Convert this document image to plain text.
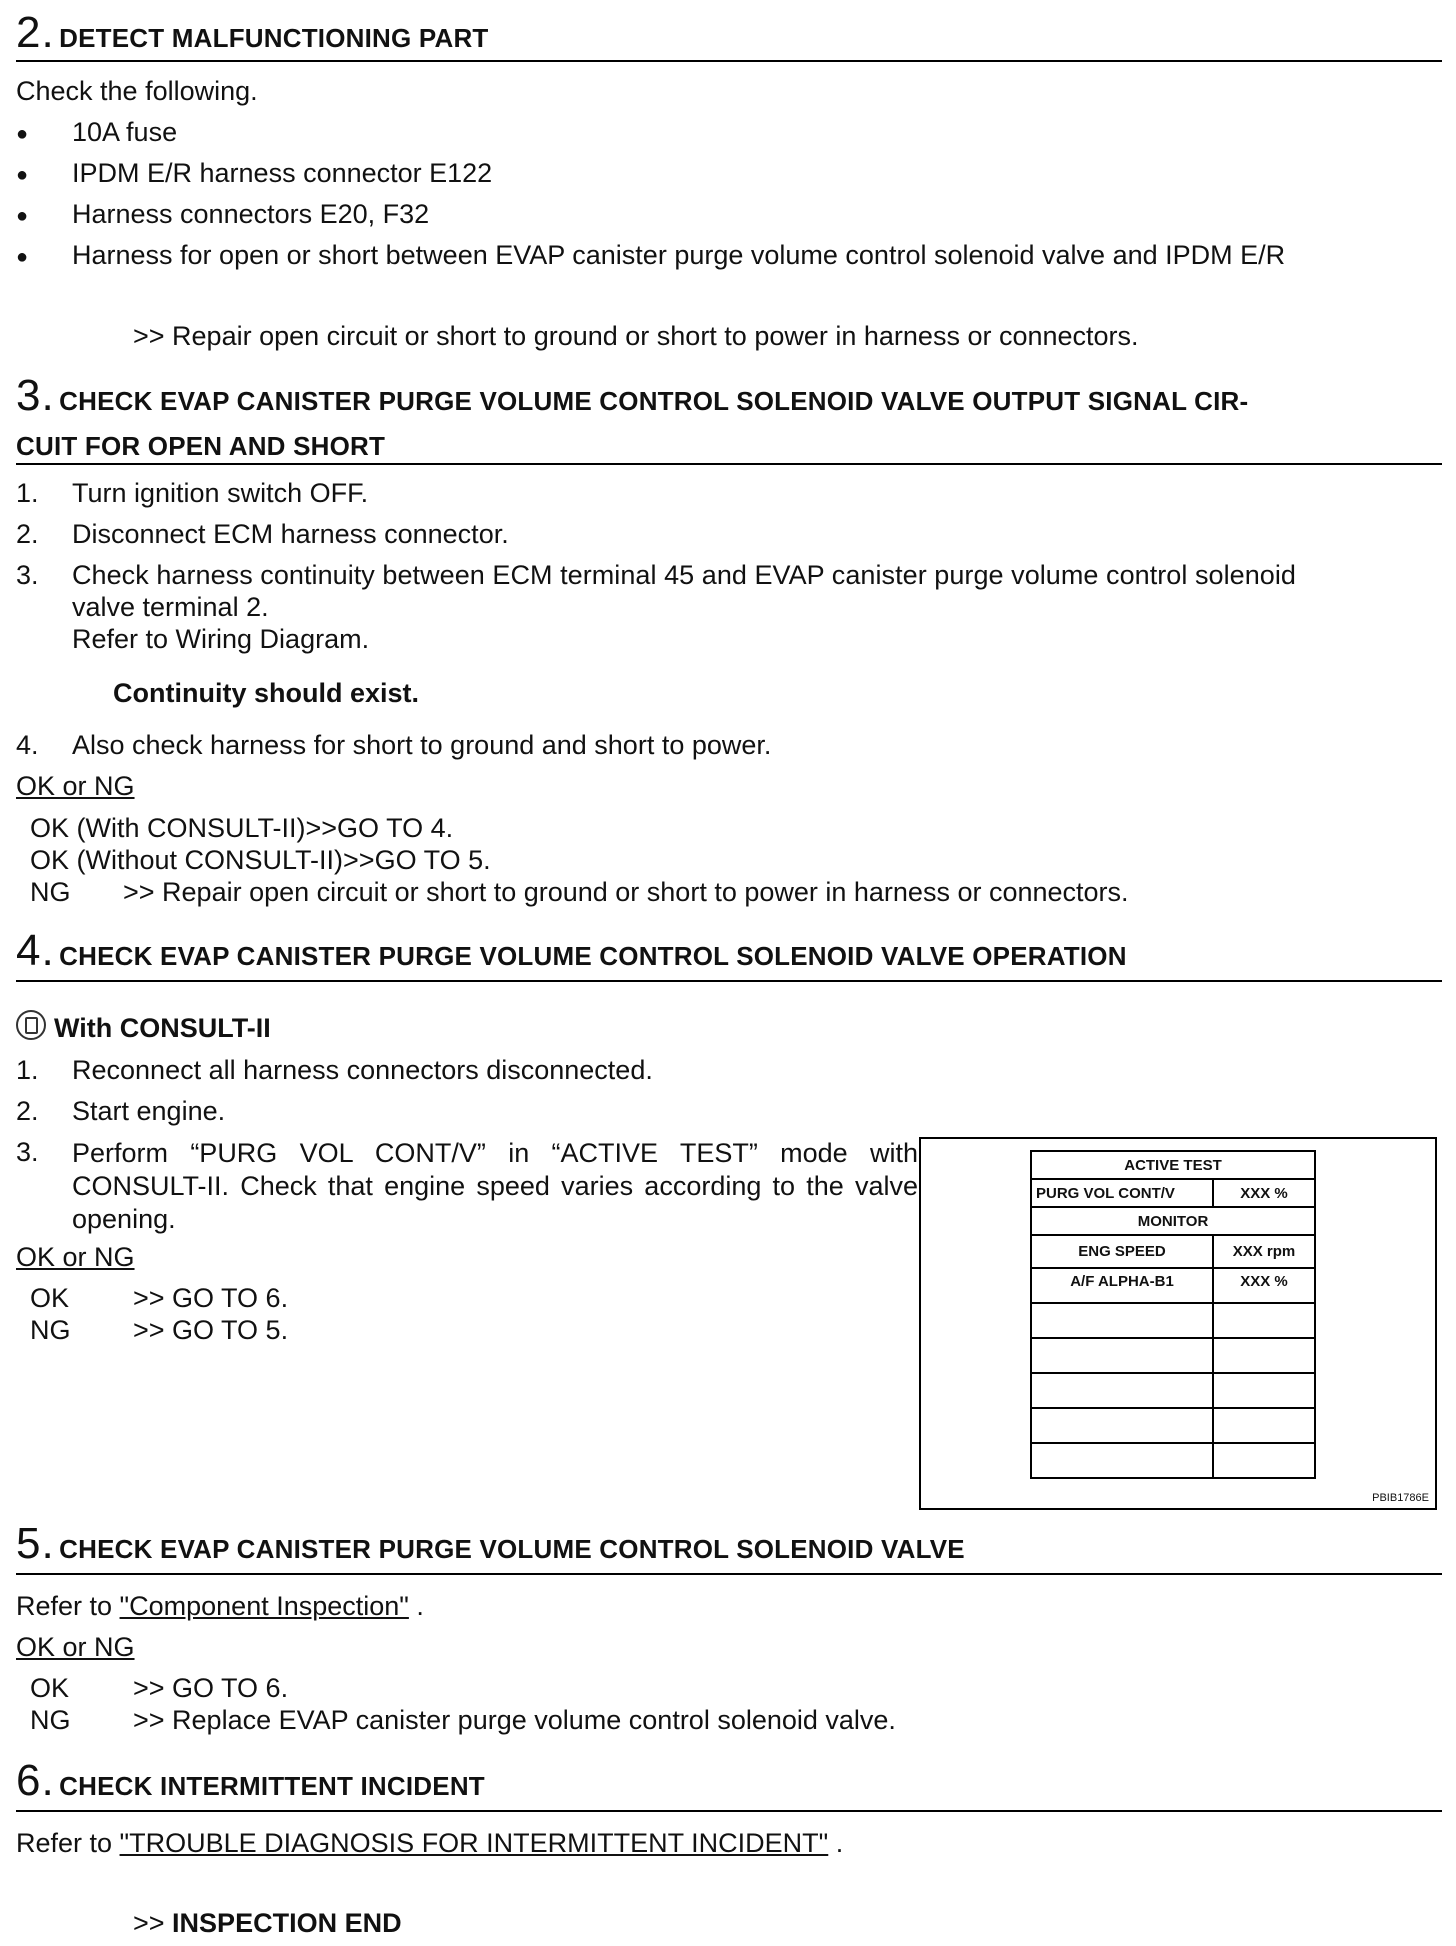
2. DETECT MALFUNCTIONING PART
Check the following.
● 10A fuse
● IPDM E/R harness connector E122
● Harness connectors E20, F32
● Harness for open or short between EVAP canister purge volume control solenoid valve and IPDM E/R
>> Repair open circuit or short to ground or short to power in harness or connectors.
3. CHECK EVAP CANISTER PURGE VOLUME CONTROL SOLENOID VALVE OUTPUT SIGNAL CIR-
CUIT FOR OPEN AND SHORT
1. Turn ignition switch OFF.
2. Disconnect ECM harness connector.
3. Check harness continuity between ECM terminal 45 and EVAP canister purge volume control solenoid
valve terminal 2.
Refer to Wiring Diagram.
Continuity should exist.
4. Also check harness for short to ground and short to power.
OK or NG
OK (With CONSULT-II)>>GO TO 4.
OK (Without CONSULT-II)>>GO TO 5.
NG       >> Repair open circuit or short to ground or short to power in harness or connectors.
4. CHECK EVAP CANISTER PURGE VOLUME CONTROL SOLENOID VALVE OPERATION
With CONSULT-II
1. Reconnect all harness connectors disconnected.
2. Start engine.
3. Perform “PURG VOL CONT/V” in “ACTIVE TEST” mode with CONSULT-II. Check that engine speed varies according to the valve opening.
OK or NG
OK >> GO TO 6.
NG >> GO TO 5.
ACTIVE TEST	
PURG VOL CONT/V	XXX %
MONITOR	
ENG SPEED	XXX rpm
A/F ALPHA-B1	XXX %

PBIB1786E
5. CHECK EVAP CANISTER PURGE VOLUME CONTROL SOLENOID VALVE
Refer to "Component Inspection" .
OK or NG
OK >> GO TO 6.
NG >> Replace EVAP canister purge volume control solenoid valve.
6. CHECK INTERMITTENT INCIDENT
Refer to "TROUBLE DIAGNOSIS FOR INTERMITTENT INCIDENT" .
>> INSPECTION END
